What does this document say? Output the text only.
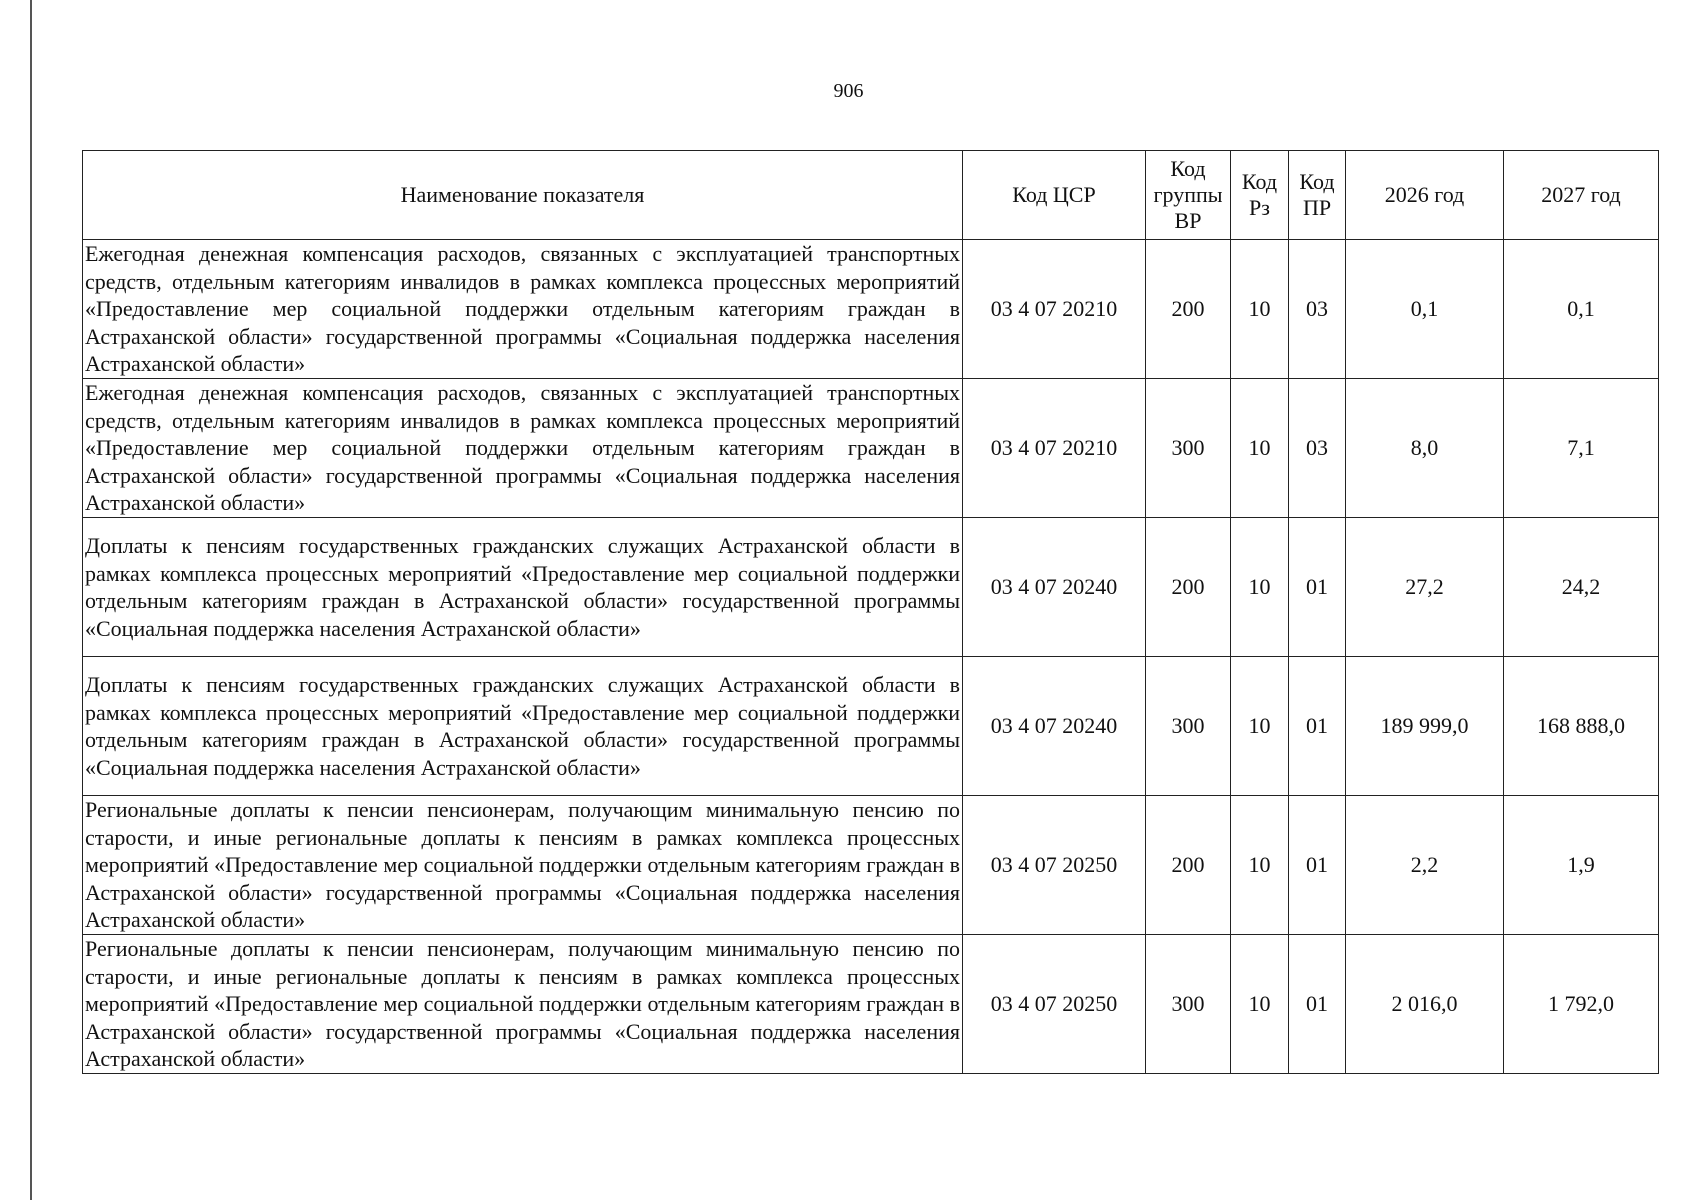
906
Наименование показателя	Код ЦСР	Код группы ВР	Код Рз	Код ПР	2026 год	2027 год
Ежегодная денежная компенсация расходов, связанных с эксплуатацией транспортных средств, отдельным категориям инвалидов в рамках комплекса процессных мероприятий «Предоставление мер социальной поддержки отдельным категориям граждан в Астраханской области» государственной программы «Социальная поддержка населения Астраханской области»	03 4 07 20210	200	10	03	0,1	0,1
Ежегодная денежная компенсация расходов, связанных с эксплуатацией транспортных средств, отдельным категориям инвалидов в рамках комплекса процессных мероприятий «Предоставление мер социальной поддержки отдельным категориям граждан в Астраханской области» государственной программы «Социальная поддержка населения Астраханской области»	03 4 07 20210	300	10	03	8,0	7,1
Доплаты к пенсиям государственных гражданских служащих Астраханской области в рамках комплекса процессных мероприятий «Предоставление мер социальной поддержки отдельным категориям граждан в Астраханской области» государственной программы «Социальная поддержка населения Астраханской области»	03 4 07 20240	200	10	01	27,2	24,2
Доплаты к пенсиям государственных гражданских служащих Астраханской области в рамках комплекса процессных мероприятий «Предоставление мер социальной поддержки отдельным категориям граждан в Астраханской области» государственной программы «Социальная поддержка населения Астраханской области»	03 4 07 20240	300	10	01	189 999,0	168 888,0
Региональные доплаты к пенсии пенсионерам, получающим минимальную пенсию по старости, и иные региональные доплаты к пенсиям в рамках комплекса процессных мероприятий «Предоставление мер социальной поддержки отдельным категориям граждан в Астраханской области» государственной программы «Социальная поддержка населения Астраханской области»	03 4 07 20250	200	10	01	2,2	1,9
Региональные доплаты к пенсии пенсионерам, получающим минимальную пенсию по старости, и иные региональные доплаты к пенсиям в рамках комплекса процессных мероприятий «Предоставление мер социальной поддержки отдельным категориям граждан в Астраханской области» государственной программы «Социальная поддержка населения Астраханской области»	03 4 07 20250	300	10	01	2 016,0	1 792,0
